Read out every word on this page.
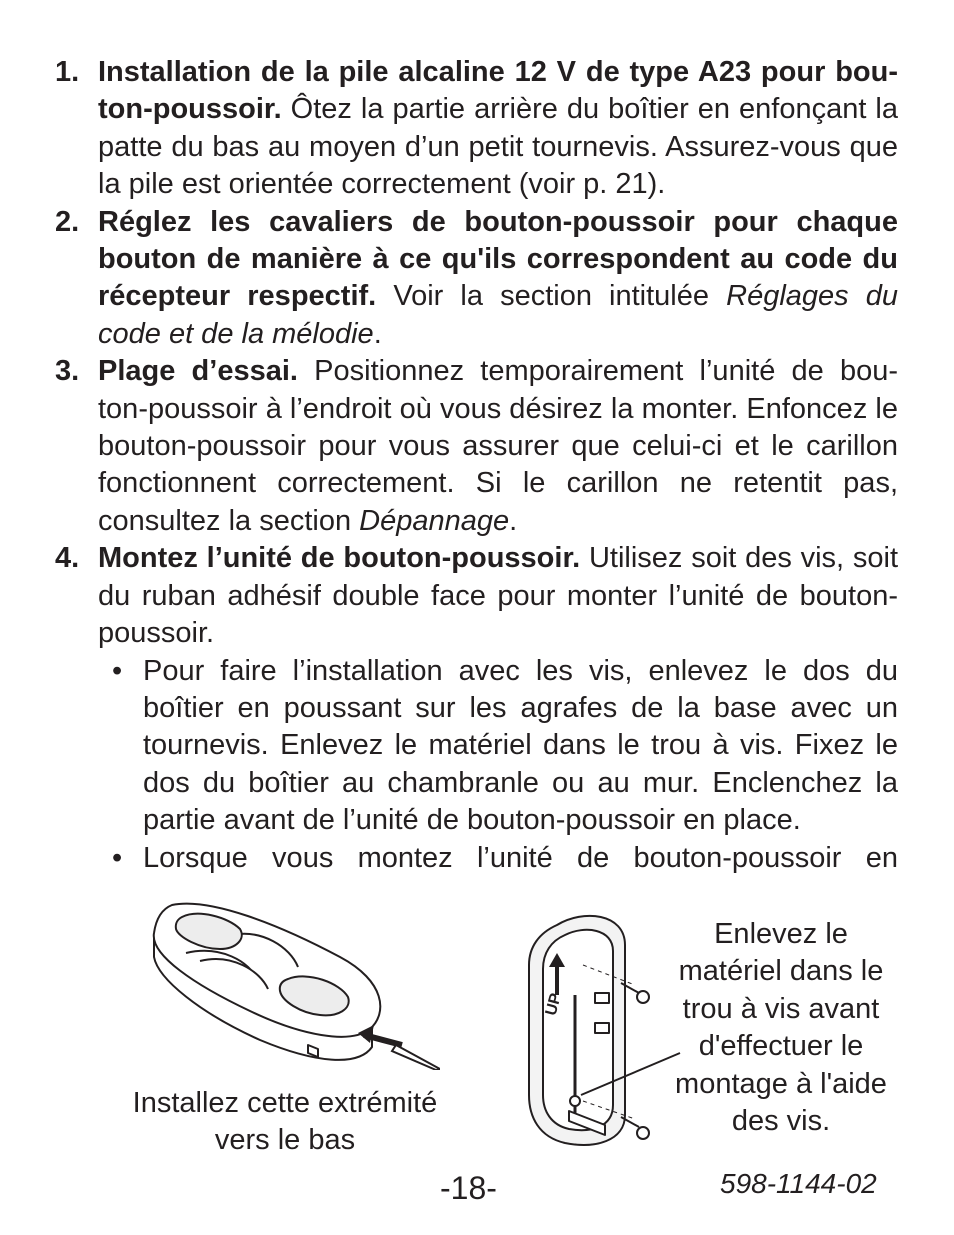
1. Installation de la pile alcaline 12 V de type A23 pour bou-ton-poussoir. Ôtez la partie arrière du boîtier en enfonçant la patte du bas au moyen d’un petit tournevis. Assurez-vous que la pile est orientée correctement (voir p. 21).
2. Réglez les cavaliers de bouton-poussoir pour chaque bouton de manière à ce qu'ils correspondent au code du récepteur respectif. Voir la section intitulée Réglages du code et de la mélodie.
3. Plage d’essai. Positionnez temporairement l’unité de bou-ton-poussoir à l’endroit où vous désirez la monter. Enfoncez le bouton-poussoir pour vous assurer que celui-ci et le carillon fonctionnent correctement. Si le carillon ne retentit pas, consultez la section Dépannage.
4. Montez l’unité de bouton-poussoir. Utilisez soit des vis, soit du ruban adhésif double face pour monter l’unité de bouton-poussoir.
• Pour faire l’installation avec les vis, enlevez le dos du boîtier en poussant sur les agrafes de la base avec un tournevis. Enlevez le matériel dans le trou à vis. Fixez le dos du boîtier au chambranle ou au mur. Enclenchez la partie avant de l’unité de bouton-poussoir en place.
• Lorsque vous montez l’unité de bouton-poussoir en
Installez cette extrémité
vers le bas
UP
Enlevez le
matériel dans le
trou à vis avant
d'effectuer le
montage à l'aide
des vis.
-18-	598-1144-02
